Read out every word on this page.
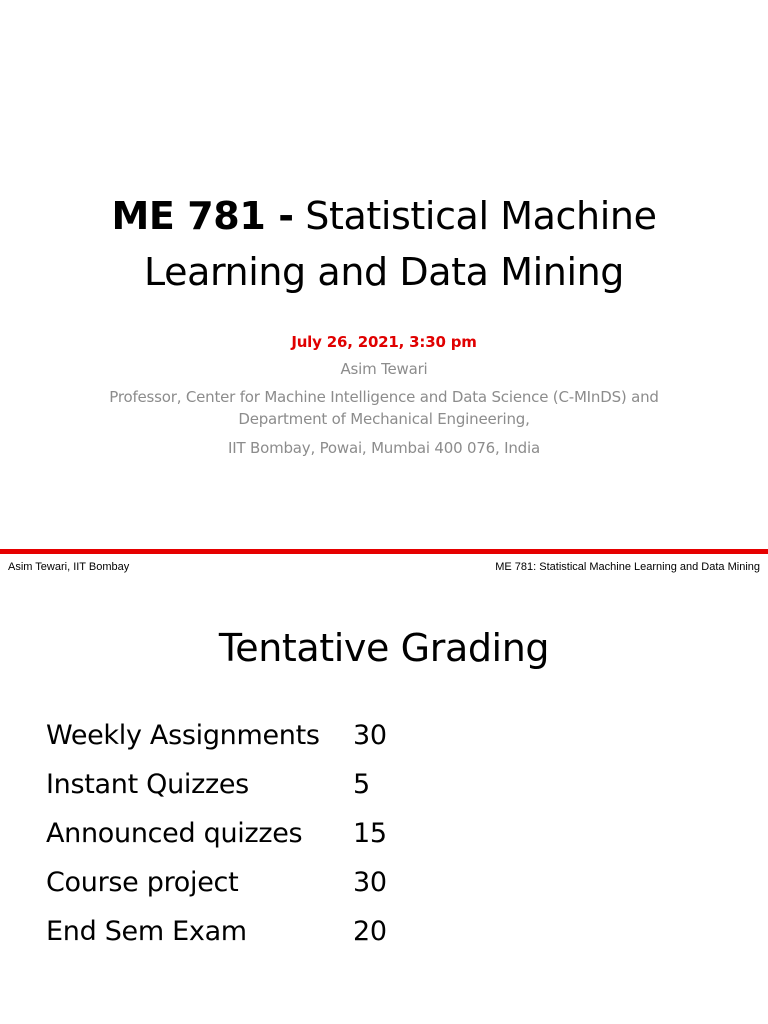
ME 781 - Statistical Machine
Learning and Data Mining
July 26, 2021, 3:30 pm
Asim Tewari
Professor, Center for Machine Intelligence and Data Science (C-MInDS) and
Department of Mechanical Engineering,
IIT Bombay, Powai, Mumbai 400 076, India
Asim Tewari, IIT Bombay	ME 781: Statistical Machine Learning and Data Mining
Tentative Grading
Weekly Assignments	30
Instant Quizzes	5
Announced quizzes	15
Course project	30
End Sem Exam	20
